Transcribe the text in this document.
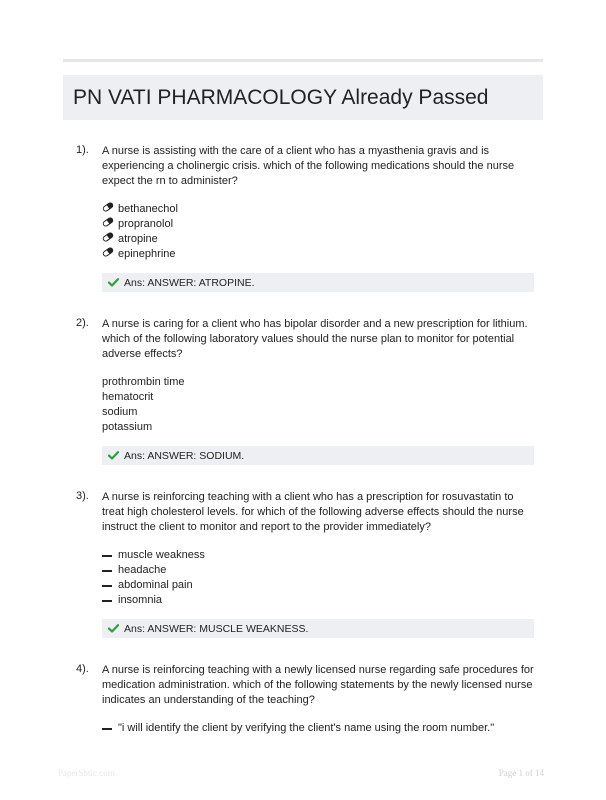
PN VATI PHARMACOLOGY Already Passed
1). A nurse is assisting with the care of a client who has a myasthenia gravis and is experiencing a cholinergic crisis. which of the following medications should the nurse expect the rn to administer?
bethanechol
propranolol
atropine
epinephrine
Ans: ANSWER: ATROPINE.
2). A nurse is caring for a client who has bipolar disorder and a new prescription for lithium. which of the following laboratory values should the nurse plan to monitor for potential adverse effects?
prothrombin time
hematocrit
sodium
potassium
Ans: ANSWER: SODIUM.
3). A nurse is reinforcing teaching with a client who has a prescription for rosuvastatin to treat high cholesterol levels. for which of the following adverse effects should the nurse instruct the client to monitor and report to the provider immediately?
muscle weakness
headache
abdominal pain
insomnia
Ans: ANSWER: MUSCLE WEAKNESS.
4). A nurse is reinforcing teaching with a newly licensed nurse regarding safe procedures for medication administration. which of the following statements by the newly licensed nurse indicates an understanding of the teaching?
"i will identify the client by verifying the client's name using the room number."
PaperSbtic.com	Page 1 of 14
